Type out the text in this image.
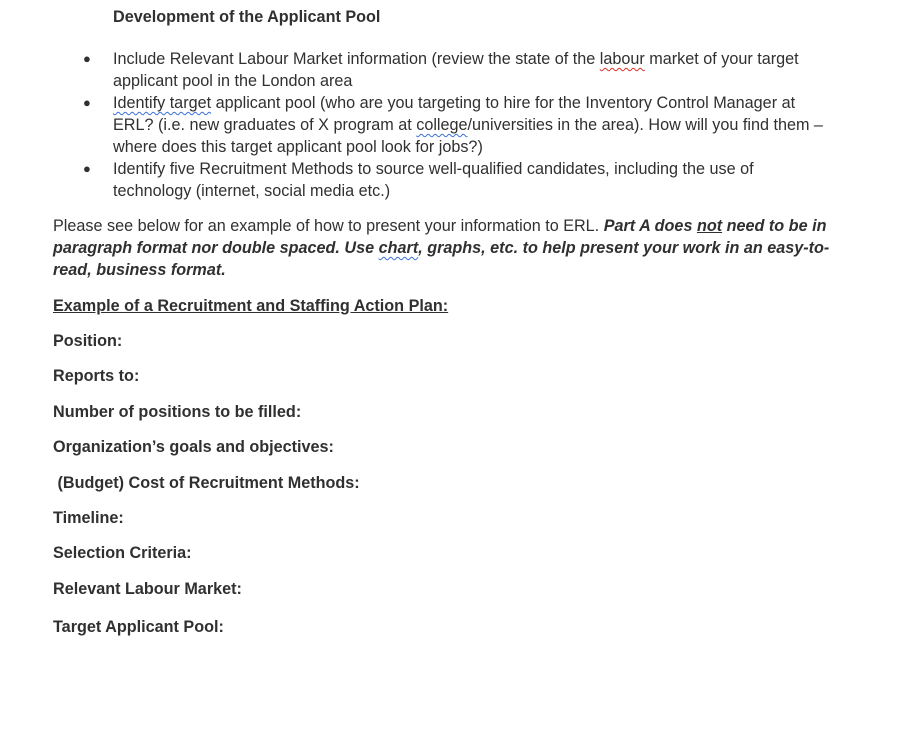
Development of the Applicant Pool
● Include Relevant Labour Market information (review the state of the labour market of your target applicant pool in the London area
● Identify target applicant pool (who are you targeting to hire for the Inventory Control Manager at ERL? (i.e. new graduates of X program at college/universities in the area). How will you find them – where does this target applicant pool look for jobs?)
● Identify five Recruitment Methods to source well-qualified candidates, including the use of technology (internet, social media etc.)
Please see below for an example of how to present your information to ERL. Part A does not need to be in paragraph format nor double spaced. Use chart, graphs, etc. to help present your work in an easy-to-read, business format.
Example of a Recruitment and Staffing Action Plan:
Position:
Reports to:
Number of positions to be filled:
Organization’s goals and objectives:
(Budget) Cost of Recruitment Methods:
Timeline:
Selection Criteria:
Relevant Labour Market:
Target Applicant Pool:
